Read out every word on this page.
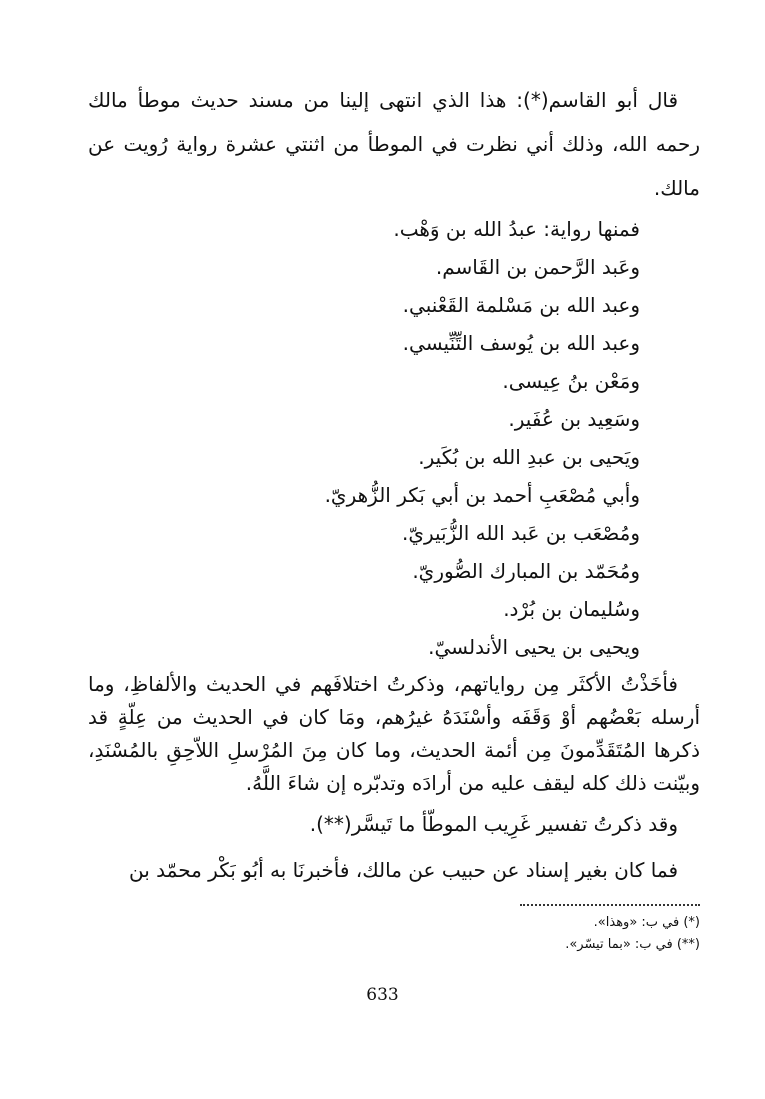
قال أبو القاسم(*): هذا الذي انتهى إلينا من مسند حديث موطأ مالك رحمه الله، وذلك أني نظرت في الموطأ من اثنتي عشرة رواية رُويت عن مالك.

فمنها رواية: عبدُ الله بن وَهْب.
وعَبد الرَّحمن بن القَاسم.
وعبد الله بن مَسْلمة القَعْنبي.
وعبد الله بن يُوسف التِّنِّيسي.
ومَعْن بنُ عِيسى.
وسَعِيد بن عُفَير.
ويَحيى بن عبدِ الله بن بُكَير.
وأبي مُصْعَبِ أحمد بن أبي بَكر الزُّهريّ.
ومُصْعَب بن عَبد الله الزُّبَيريّ.
ومُحَمّد بن المبارك الصُّوريّ.
وسُليمان بن بُرْد.
ويحيى بن يحيى الأندلسيّ.

فأخَذْتُ الأكثَر مِن رواياتهم، وذكرتُ اختلافَهم في الحديث والألفاظِ، وما أرسله بَعْضُهم أوْ وَقَفَه وأسْنَدَهُ غيرُهم، ومَا كان في الحديث من عِلّةٍ قد ذكرها المُتَقَدِّمونَ مِن أئمة الحديث، وما كان مِنَ المُرْسلِ اللاّحِقِ بالمُسْنَدِ، وبيّنت ذلك كله ليقف عليه من أرادَه وتدبّره إن شاءَ اللَّهُ.

وقد ذكرتُ تفسير غَرِيب الموطّأ ما تَيسَّر(**).

فما كان بغير إسناد عن حبيب عن مالك، فأخبرنَا به أبُو بَكْر محمّد بن

(*) في ب: «وهذا».
(**) في ب: «بما تيسّر».
633
